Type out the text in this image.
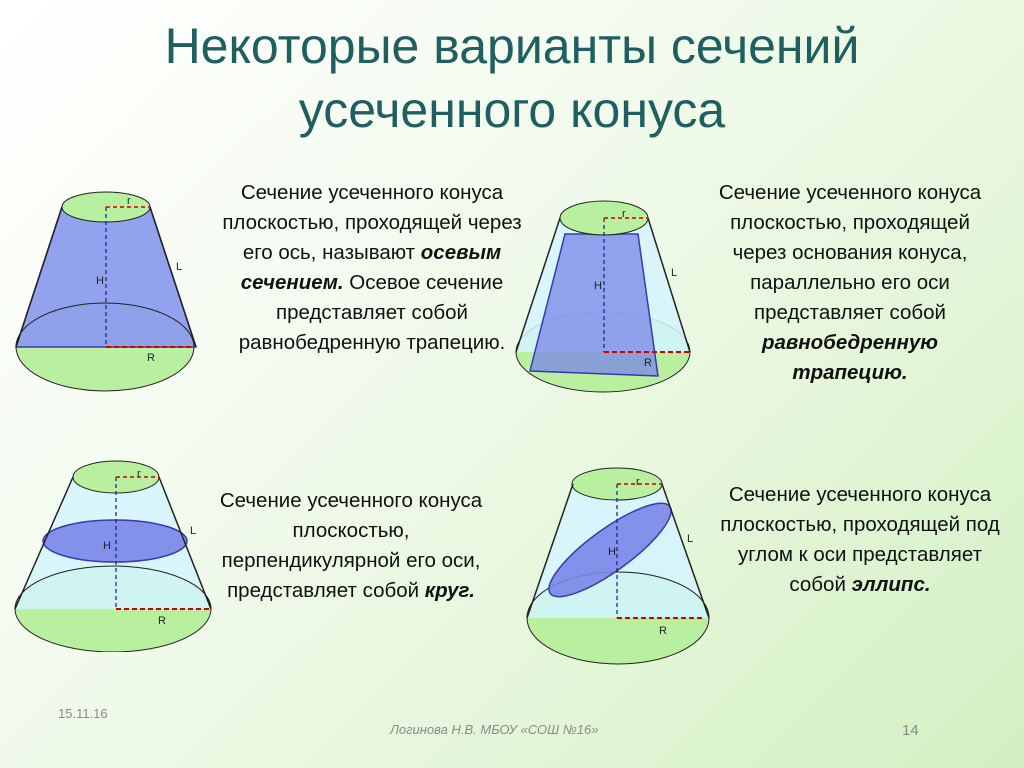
Некоторые варианты сечений
усеченного конуса
r
H
L
R
r
H
L
R
r
H
L
R
r
H
L
R
Сечение усеченного конуса плоскостью, проходящей через его ось, называют осевым сечением. Осевое сечение представляет собой равнобедренную трапецию.
Сечение усеченного конуса плоскостью, проходящей через основания конуса, параллельно его оси представляет собой равнобедренную трапецию.
Сечение усеченного конуса плоскостью, перпендикулярной его оси, представляет собой круг.
Сечение усеченного конуса плоскостью, проходящей под углом к оси представляет собой эллипс.
15.11.16
Логинова Н.В. МБОУ «СОШ №16»	14
